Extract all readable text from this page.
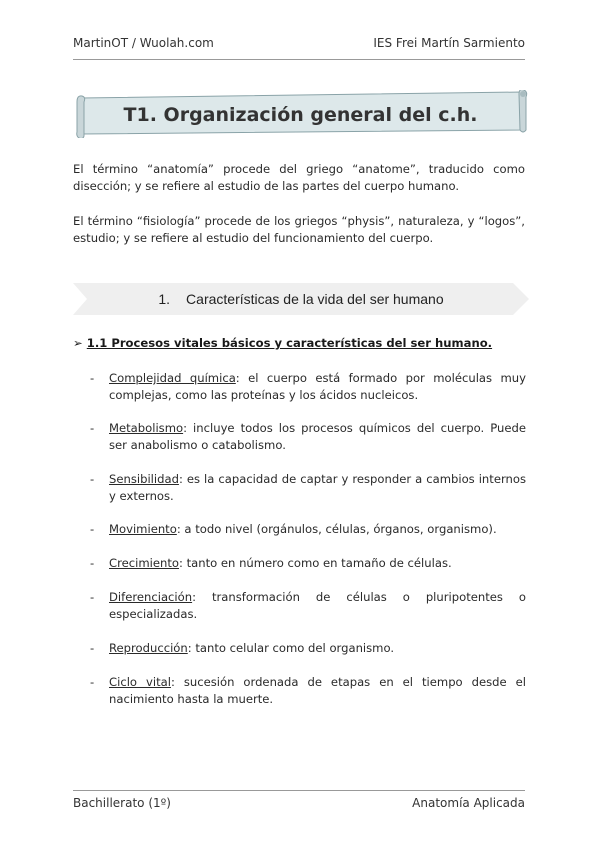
MartinOT / Wuolah.com	IES Frei Martín Sarmiento
T1. Organización general del c.h.
El término “anatomía” procede del griego “anatome”, traducido como disección; y se refiere al estudio de las partes del cuerpo humano.
El término “fisiología” procede de los griegos “physis”, naturaleza, y “logos”, estudio; y se refiere al estudio del funcionamiento del cuerpo.
1. Características de la vida del ser humano
➢ 1.1 Procesos vitales básicos y características del ser humano.
- Complejidad química: el cuerpo está formado por moléculas muy complejas, como las proteínas y los ácidos nucleicos.
- Metabolismo: incluye todos los procesos químicos del cuerpo. Puede ser anabolismo o catabolismo.
- Sensibilidad: es la capacidad de captar y responder a cambios internos y externos.
- Movimiento: a todo nivel (orgánulos, células, órganos, organismo).
- Crecimiento: tanto en número como en tamaño de células.
- Diferenciación: transformación de células o pluripotentes o especializadas.
- Reproducción: tanto celular como del organismo.
- Ciclo vital: sucesión ordenada de etapas en el tiempo desde el nacimiento hasta la muerte.
Bachillerato (1º)	Anatomía Aplicada
